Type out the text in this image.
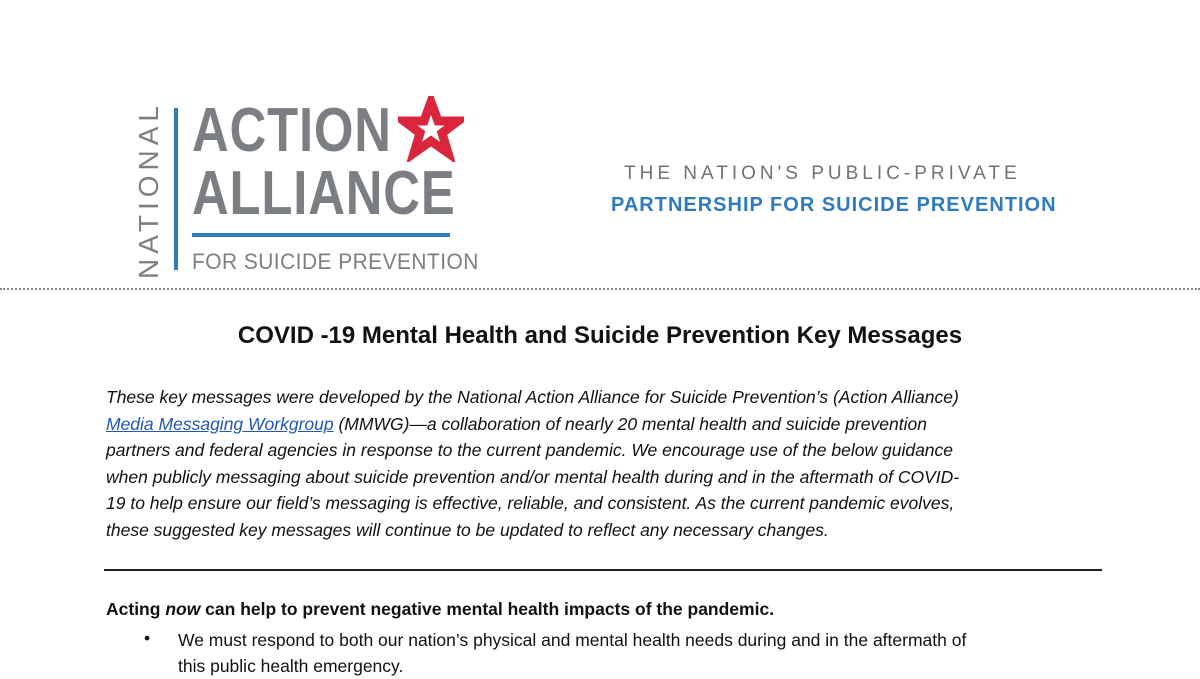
NATIONAL ACTION
ALLIANCE
FOR SUICIDE PREVENTION
THE NATION'S PUBLIC-PRIVATE
PARTNERSHIP FOR SUICIDE PREVENTION
COVID -19 Mental Health and Suicide Prevention Key Messages
These key messages were developed by the National Action Alliance for Suicide Prevention’s (Action Alliance)
Media Messaging Workgroup (MMWG)—a collaboration of nearly 20 mental health and suicide prevention
partners and federal agencies in response to the current pandemic. We encourage use of the below guidance
when publicly messaging about suicide prevention and/or mental health during and in the aftermath of COVID-
19 to help ensure our field’s messaging is effective, reliable, and consistent. As the current pandemic evolves,
these suggested key messages will continue to be updated to reflect any necessary changes.
Acting now can help to prevent negative mental health impacts of the pandemic.
• We must respond to both our nation’s physical and mental health needs during and in the aftermath of
this public health emergency.
